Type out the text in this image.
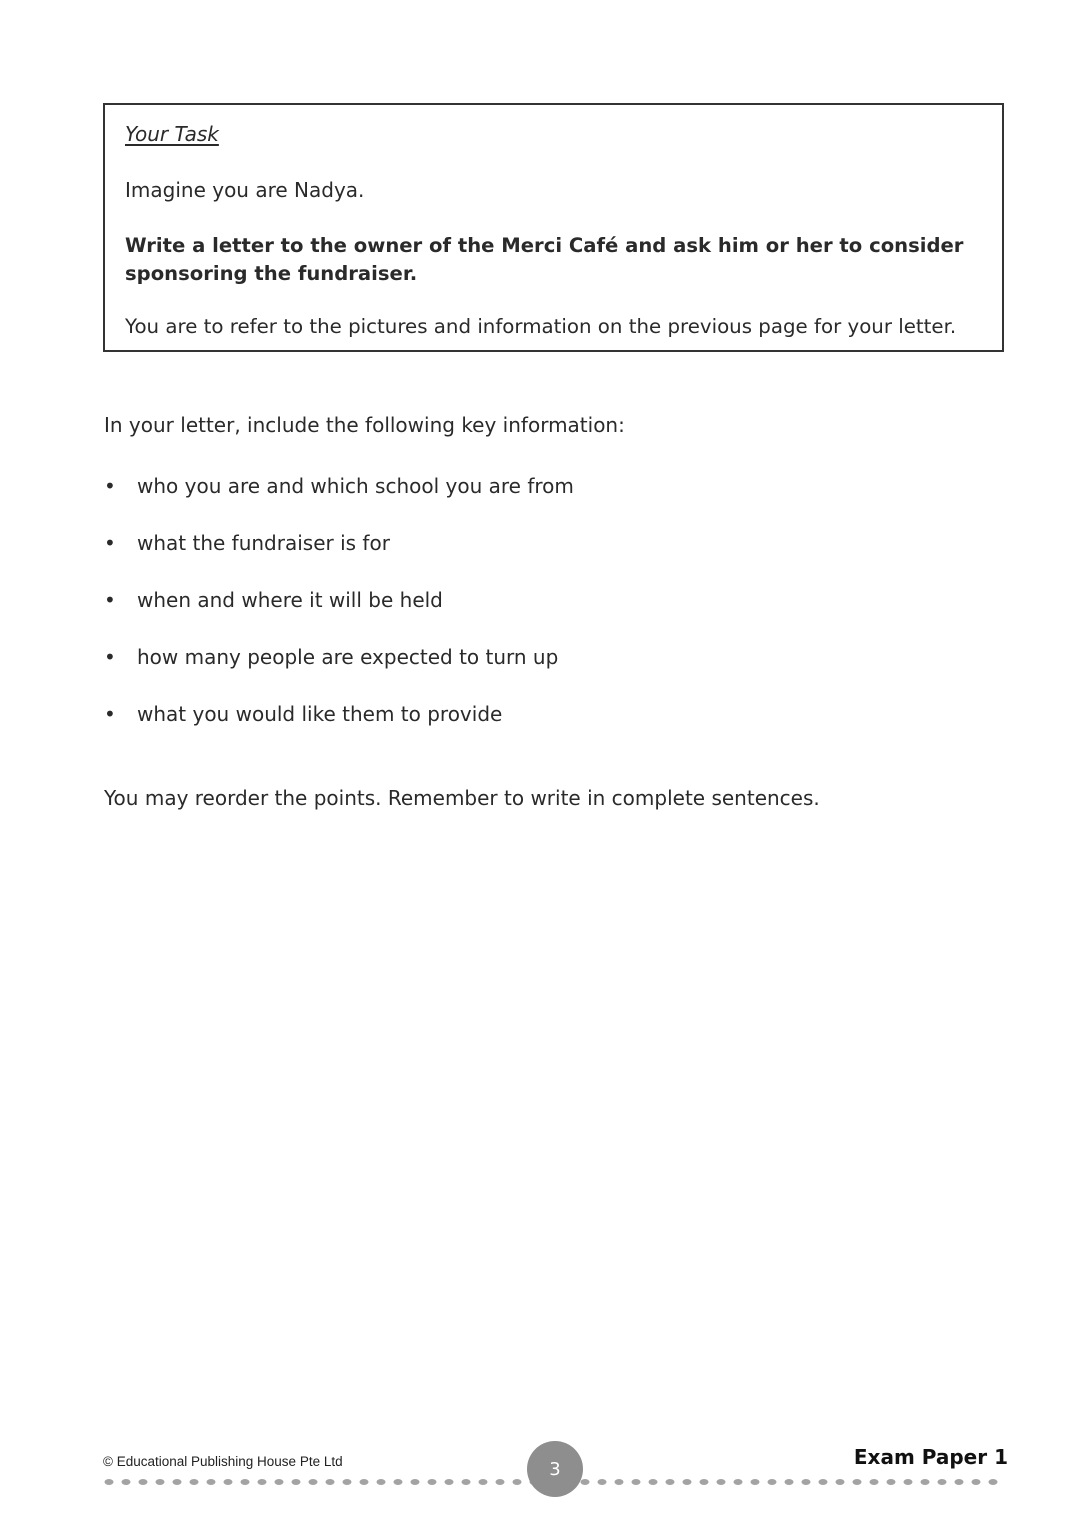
Your Task
Imagine you are Nadya.
Write a letter to the owner of the Merci Café and ask him or her to consider sponsoring the fundraiser.
You are to refer to the pictures and information on the previous page for your letter.
In your letter, include the following key information:
• who you are and which school you are from
• what the fundraiser is for
• when and where it will be held
• how many people are expected to turn up
• what you would like them to provide
You may reorder the points. Remember to write in complete sentences.
© Educational Publishing House Pte Ltd	Exam Paper 1
3
